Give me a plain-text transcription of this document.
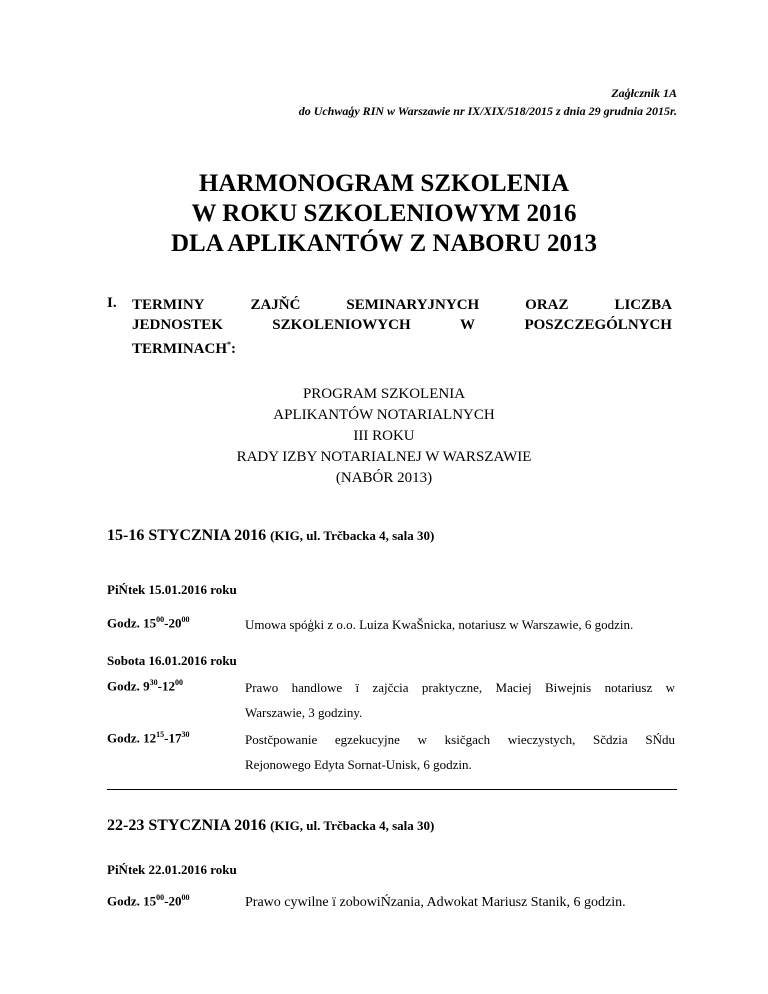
Zaģłcznik 1A
do Uchwaģy RIN w Warszawie nr IX/XIX/518/2015 z dnia 29 grudnia 2015r.
HARMONOGRAM SZKOLENIA
W ROKU SZKOLENIOWYM 2016
DLA APLIKANTÓW Z NABORU 2013
I. TERMINY	ZAJŇĆ	SEMINARYJNYCH	ORAZ	LICZBA
JEDNOSTEK	SZKOLENIOWYCH	W	POSZCZEGÓLNYCH
TERMINACH*:
PROGRAM SZKOLENIA
APLIKANTÓW NOTARIALNYCH
III ROKU
RADY IZBY NOTARIALNEJ W WARSZAWIE
(NABÓR 2013)
15-16 STYCZNIA 2016 (KIG, ul. Trčbacka 4, sala 30)
PiŃtek 15.01.2016 roku
Godz. $15^{00}-20^{00}$	Umowa spóģki z o.o. Luiza KwaŠnicka, notariusz w Warszawie, 6 godzin.
Sobota 16.01.2016 roku
Godz. $9^{30}-12^{00}$	Prawo handlowe ï zajčcia praktyczne, Maciej Biwejnis notariusz w
Warszawie, 3 godziny.
Godz. $12^{15}-17^{30}$	Postčpowanie egzekucyjne w ksičgach wieczystych, Sčdzia SŃdu
Rejonowego Edyta Sornat-Unisk, 6 godzin.
22-23 STYCZNIA 2016 (KIG, ul. Trčbacka 4, sala 30)
PiŃtek 22.01.2016 roku
Godz. $15^{00}-20^{00}$	Prawo cywilne ï zobowiŃzania, Adwokat Mariusz Stanik, 6 godzin.
